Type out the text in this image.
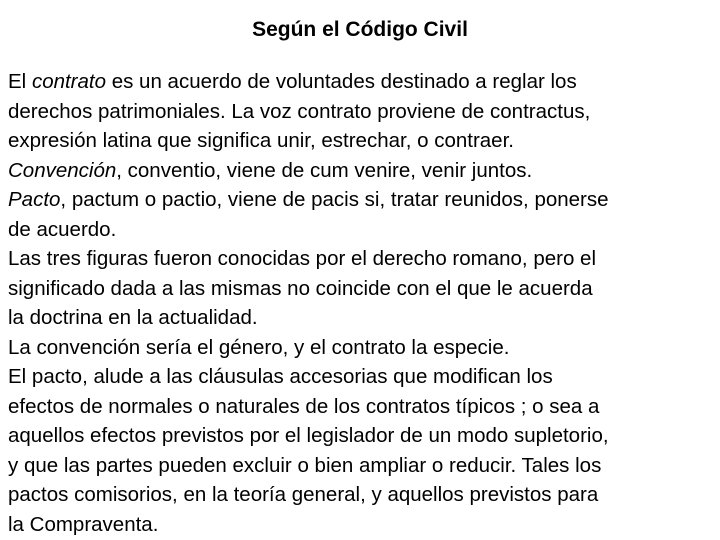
Según el Código Civil
El contrato es un acuerdo de voluntades destinado a reglar los
derechos patrimoniales. La voz contrato proviene de contractus,
expresión latina que significa unir, estrechar, o contraer.
Convención, conventio, viene de cum venire, venir juntos.
Pacto, pactum o pactio, viene de pacis si, tratar reunidos, ponerse
de acuerdo.
Las tres figuras fueron conocidas por el derecho romano, pero el
significado dada a las mismas no coincide con el que le acuerda
la doctrina en la actualidad.
La convención sería el género, y el contrato la especie.
El pacto, alude a las cláusulas accesorias que modifican los
efectos de normales o naturales de los contratos típicos ; o sea a
aquellos efectos previstos por el legislador de un modo supletorio,
y que las partes pueden excluir o bien ampliar o reducir. Tales los
pactos comisorios, en la teoría general, y aquellos previstos para
la Compraventa.
